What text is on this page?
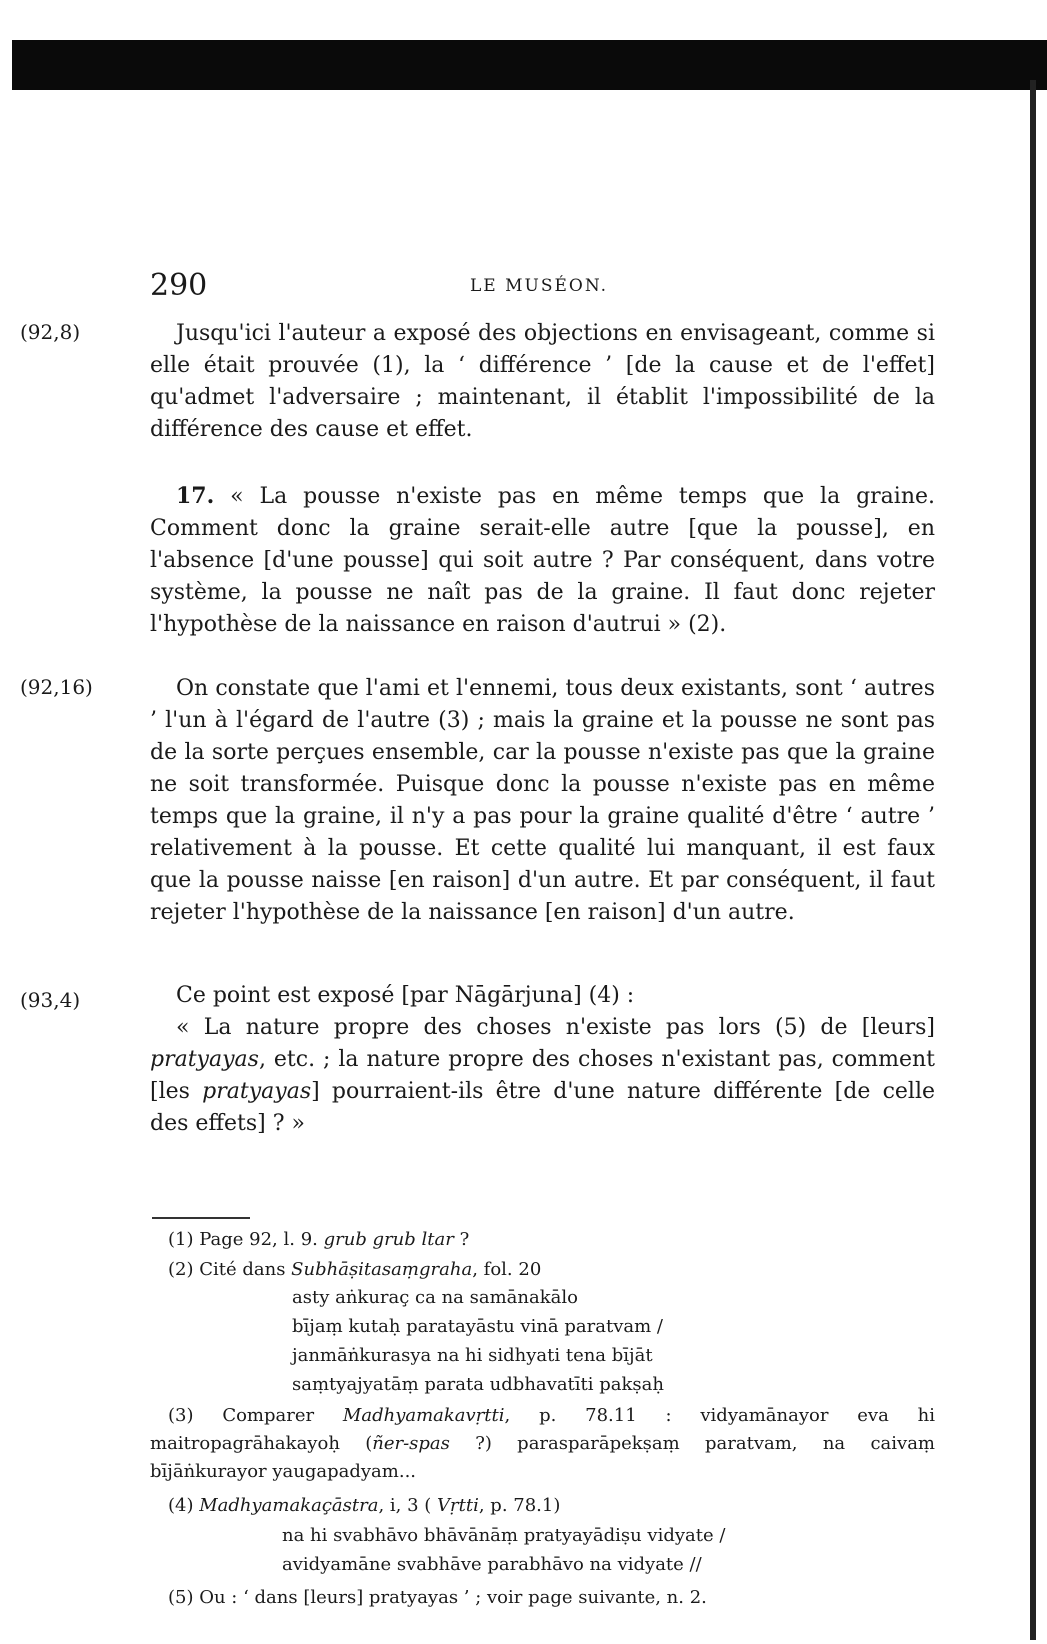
290	LE MUSÉON.
(92,8)
(92,16)
(93,4)

Jusqu'ici l'auteur a exposé des objections en envisageant, comme si elle était prouvée (1), la ‘ différence ’ [de la cause et de l'effet] qu'admet l'adversaire ; maintenant, il établit l'impossibilité de la différence des cause et effet.

17. « La pousse n'existe pas en même temps que la graine. Comment donc la graine serait-elle autre [que la pousse], en l'absence [d'une pousse] qui soit autre ? Par conséquent, dans votre système, la pousse ne naît pas de la graine. Il faut donc rejeter l'hypothèse de la naissance en raison d'autrui » (2).

On constate que l'ami et l'ennemi, tous deux existants, sont ‘ autres ’ l'un à l'égard de l'autre (3) ; mais la graine et la pousse ne sont pas de la sorte perçues ensemble, car la pousse n'existe pas que la graine ne soit transformée. Puisque donc la pousse n'existe pas en même temps que la graine, il n'y a pas pour la graine qualité d'être ‘ autre ’ relativement à la pousse. Et cette qualité lui manquant, il est faux que la pousse naisse [en raison] d'un autre. Et par conséquent, il faut rejeter l'hypothèse de la naissance [en raison] d'un autre.

Ce point est exposé [par Nāgārjuna] (4) :

« La nature propre des choses n'existe pas lors (5) de [leurs] pratyayas, etc. ; la nature propre des choses n'existant pas, comment [les pratyayas] pourraient-ils être d'une nature différente [de celle des effets] ? »

(1) Page 92, l. 9. grub grub ltar ?

(2) Cité dans Subhāṣitasaṃgraha, fol. 20

asty aṅkuraç ca na samānakālo

bījaṃ kutaḥ paratayāstu vinā paratvam /

janmāṅkurasya na hi sidhyati tena bījāt

saṃtyajyatāṃ parata udbhavatīti pakṣaḥ

(3) Comparer Madhyamakavṛtti, p. 78.11 : vidyamānayor eva hi maitropagrāhakayoḥ (ñer-spas ?) parasparāpekṣaṃ paratvam, na caivaṃ bījāṅkurayor yaugapadyam...

(4) Madhyamakaçāstra, i, 3 ( Vṛtti, p. 78.1)

na hi svabhāvo bhāvānāṃ pratyayādiṣu vidyate /

avidyamāne svabhāve parabhāvo na vidyate //

(5) Ou : ‘ dans [leurs] pratyayas ’ ; voir page suivante, n. 2.
